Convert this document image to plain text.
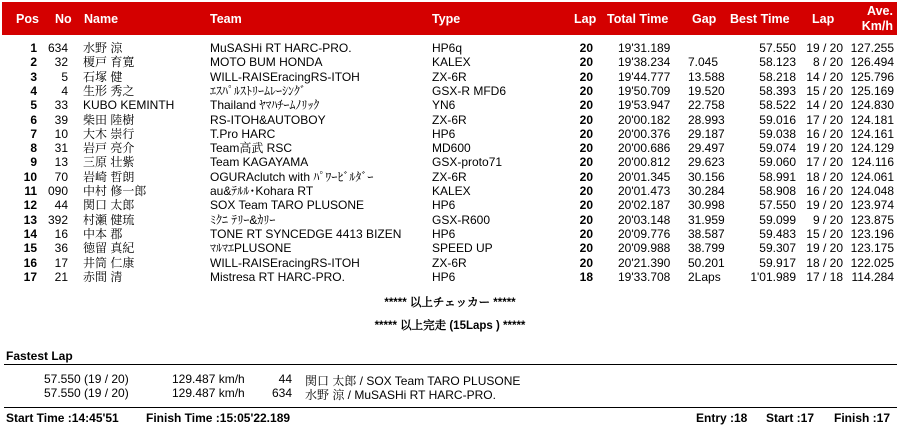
Pos No Name	Team	Type	Lap Total Time Gap Best Time Lap
Ave.
Km/h
1 634 水野 涼	MuSASHi RT HARC-PRO.	HP6q	20 19'31.189	57.550 19 / 20 127.255
2 32 榎戸 育寛	MOTO BUM HONDA	KALEX	20 19'38.234 7.045	58.123 8 / 20 126.494
3 5 石塚 健	WILL-RAISEracingRS-ITOH	ZX-6R	20 19'44.777 13.588	58.218 14 / 20 125.796
4 4 生形 秀之	ｴｽﾊﾟﾙｽﾄﾘｰﾑﾚｰｼﾝｸﾞ	GSX-R MFD6	20 19'50.709 19.520	58.393 15 / 20 125.169
5 33 KUBO KEMINTH	Thailand ﾔﾏﾊﾁｰﾑﾉﾘｯｸ	YN6	20 19'53.947 22.758	58.522 14 / 20 124.830
6 39 柴田 陸樹	RS-ITOH&AUTOBOY	ZX-6R	20 20'00.182 28.993	59.016 17 / 20 124.181
7 10 大木 崇行	T.Pro HARC	HP6	20 20'00.376 29.187	59.038 16 / 20 124.161
8 31 岩戸 亮介	Team高武 RSC	MD600	20 20'00.686 29.497	59.074 19 / 20 124.129
9 13 三原 壮紫	Team KAGAYAMA	GSX-proto71	20 20'00.812 29.623	59.060 17 / 20 124.116
10 70 岩崎 哲朗	OGURAclutch with ﾊﾟﾜｰﾋﾞﾙﾀﾞｰ	ZX-6R	20 20'01.345 30.156	58.991 18 / 20 124.061
11 090 中村 修一郎	au&ﾃﾙﾙ･Kohara RT	KALEX	20 20'01.473 30.284	58.908 16 / 20 124.048
12 44 関口 太郎	SOX Team TARO PLUSONE	HP6	20 20'02.187 30.998	57.550 19 / 20 123.974
13 392 村瀬 健琉	ﾐｸﾆ ﾃﾘｰ&ｶﾘｰ	GSX-R600	20 20'03.148 31.959	59.099 9 / 20 123.875
14 16 中本 郡	TONE RT SYNCEDGE 4413 BIZEN	HP6	20 20'09.776 38.587	59.483 15 / 20 123.196
15 36 徳留 真紀	ﾏﾙﾏｴPLUSONE	SPEED UP	20 20'09.988 38.799	59.307 19 / 20 123.175
16 17 井筒 仁康	WILL-RAISEracingRS-ITOH	ZX-6R	20 20'21.390 50.201	59.917 18 / 20 122.025
17 21 赤間 清	Mistresa RT HARC-PRO.	HP6	18 19'33.708 2Laps 1'01.989 17 / 18 114.284
***** 以上チェッカー *****
***** 以上完走 (15Laps ) *****
Fastest Lap
57.550 (19 / 20)	129.487 km/h	44 関口 太郎 / SOX Team TARO PLUSONE
57.550 (19 / 20)	129.487 km/h 634 水野 涼 / MuSASHi RT HARC-PRO.
Start Time :14:45'51 Finish Time :15:05'22.189	Entry :18 Start :17 Finish :17
